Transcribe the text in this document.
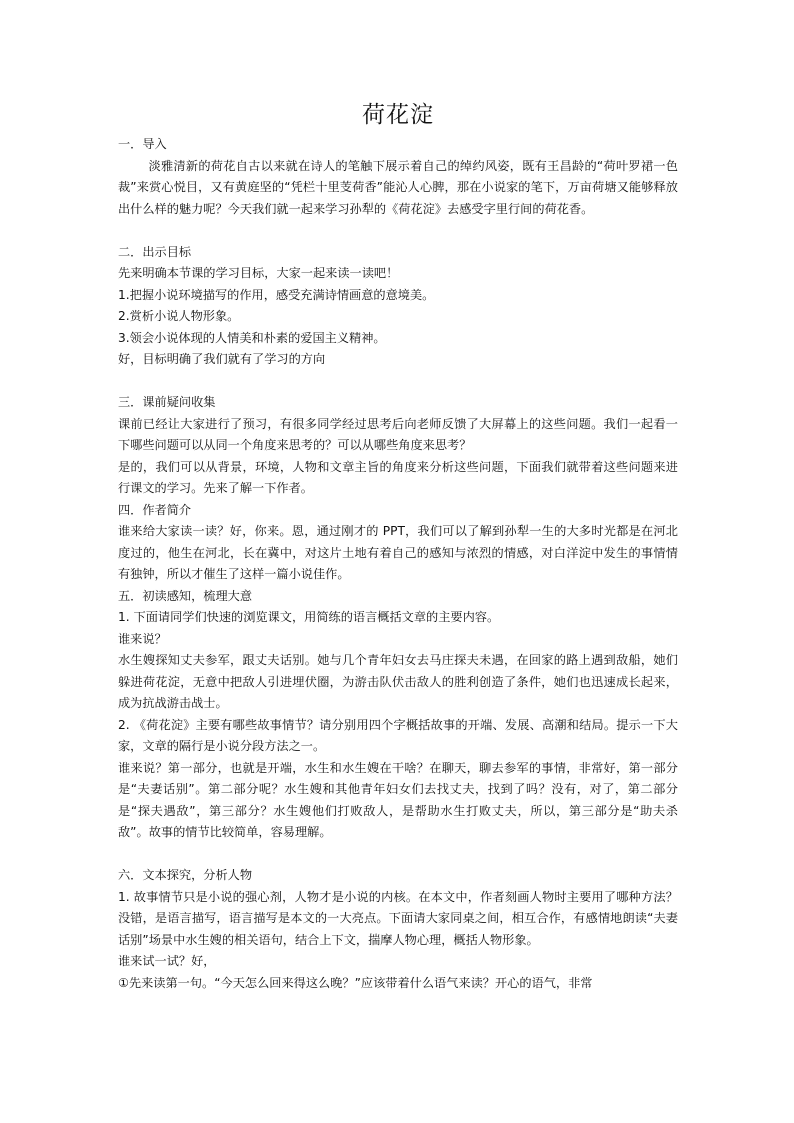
荷花淀

一．导入

淡雅清新的荷花自古以来就在诗人的笔触下展示着自己的绰约风姿，既有王昌龄的“荷叶罗裙一色裁”来赏心悦目，又有黄庭坚的“凭栏十里芰荷香”能沁人心脾，那在小说家的笔下，万亩荷塘又能够释放出什么样的魅力呢？今天我们就一起来学习孙犁的《荷花淀》去感受字里行间的荷花香。

二．出示目标

先来明确本节课的学习目标，大家一起来读一读吧！

1.把握小说环境描写的作用，感受充满诗情画意的意境美。

2.赏析小说人物形象。

3.领会小说体现的人情美和朴素的爱国主义精神。

好，目标明确了我们就有了学习的方向

三．课前疑问收集

课前已经让大家进行了预习，有很多同学经过思考后向老师反馈了大屏幕上的这些问题。我们一起看一下哪些问题可以从同一个角度来思考的？可以从哪些角度来思考？

是的，我们可以从背景，环境，人物和文章主旨的角度来分析这些问题，下面我们就带着这些问题来进行课文的学习。先来了解一下作者。

四．作者简介

谁来给大家读一读？好，你来。恩，通过刚才的 PPT，我们可以了解到孙犁一生的大多时光都是在河北度过的，他生在河北，长在冀中，对这片土地有着自己的感知与浓烈的情感，对白洋淀中发生的事情情有独钟，所以才催生了这样一篇小说佳作。

五．初读感知，梳理大意

1. 下面请同学们快速的浏览课文，用简练的语言概括文章的主要内容。

谁来说？

水生嫂探知丈夫参军，跟丈夫话别。她与几个青年妇女去马庄探夫未遇，在回家的路上遇到敌船，她们躲进荷花淀，无意中把敌人引进埋伏圈，为游击队伏击敌人的胜利创造了条件，她们也迅速成长起来，成为抗战游击战士。

2. 《荷花淀》主要有哪些故事情节？请分别用四个字概括故事的开端、发展、高潮和结局。提示一下大家，文章的隔行是小说分段方法之一。

谁来说？第一部分，也就是开端，水生和水生嫂在干啥？在聊天，聊去参军的事情，非常好，第一部分是“夫妻话别”。第二部分呢？水生嫂和其他青年妇女们去找丈夫，找到了吗？没有，对了，第二部分是“探夫遇敌”，第三部分？水生嫂他们打败敌人，是帮助水生打败丈夫，所以，第三部分是“助夫杀敌”。故事的情节比较简单，容易理解。

六．文本探究，分析人物

1. 故事情节只是小说的强心剂，人物才是小说的内核。在本文中，作者刻画人物时主要用了哪种方法？没错，是语言描写，语言描写是本文的一大亮点。下面请大家同桌之间，相互合作，有感情地朗读“夫妻话别”场景中水生嫂的相关语句，结合上下文，揣摩人物心理，概括人物形象。

谁来试一试？好，

①先来读第一句。“今天怎么回来得这么晚？”应该带着什么语气来读？开心的语气，非常
